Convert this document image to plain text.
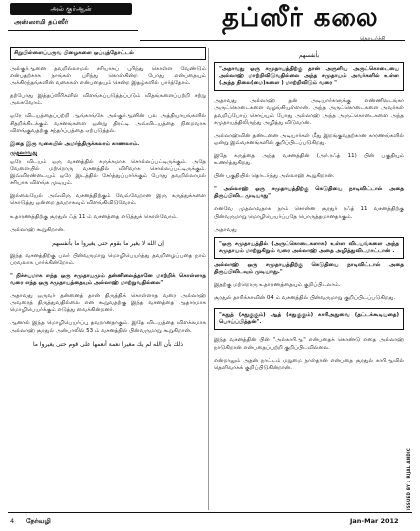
அல் குர்ஆன்
அஸ்ஸாமி தப்ஸீர்	தப்ஸீர் கலை
தொடர்ச்சி
சிறுபிள்ளைப்பருவ பிழைகளை ஒப்புத்தோட்டல்

அல்குர்ஆனை தவறில்லாமல் சரியாகப் புரிந்து கொள்ள வேண்டும் என்பதற்காக நாங்கள் புரிந்து கொள்கின்ற போது என்பதையும் அக்கிரந்தங்களின் வகைகள் என்பதையும் சென்ற இதழ்களில் பார்த்தோம்.

தற்போது இத்தப்ஸீரிகளில் விளங்கப்படுத்தப்படும் விதங்களைப்பற்றி சற்று அலசுவோம்.

ஒரே விடயத்தைப்பற்றி ஆங்காங்கே அல்குர்ஆனின் பல அத்தியாயங்களில் சிதறிக்கிடக்கும் வசனங்களை ஒன்று திரட்டி அவ்விடயத்தை நிறைவாக விளங்குவதற்கு சந்தர்ப்பத்தை ஏற்படுத்தல்.

இதை இரு வகையில் அமர்ந்திருக்கலாம் காணலாம்.
முதலாவது

ஒரே விடயம் ஒரு வசனத்தில் சுருக்கமாக சொல்லப்பட்டிருக்கும். அதே வேளையில் மற்றொரு வசனத்தில் விரிவாக சொல்லப்பட்டிருக்கும். இவ்விரண்டையும் ஒரே இடத்தில் சேர்த்துப்பார்க்கும் போது தவறில்லாமல் சரியாக விளங்க முடியும்.

இல்லையேல் அவ்விரு வசனத்திற்கும் வேவ்வேறான இரு கருத்துக்களை கொடுத்து ஒன்றை தவறாகவும் விளங்கிவிடுவோம்.

உதாரணத்திற்கு சூரதுல் ஃத் 11 ம் வசனத்தை எடுத்துக் கொள்வோம்.

அல்லாஹ் கூறுகிறான்.

إن الله لا يغير ما بقوم حتى يغيروا ما بأنفسهم

இந்த வசனத்திற்கு பலர் பின்வருமாறு மொழிபெயர்த்து தவறிழைப்பதை நாம் பரவலாக பார்க்கின்றோம்.

" நிச்சயமாக எந்த ஒரு சமுதாயமும் தன்னிலைத்தானே மாற்றிக் கொள்ளாத வரை எந்த ஒரு சமுதாயத்தையும் அல்லாஹ் மாற்றுவதில்லை"

அதாவது ஒருவர் தன்னைத் தான் திருத்திக் கொள்ளாத வரை அல்லாஹ் அவரைத் திருத்துவதில்லை என கூறுவதற்கு இந்த வசனத்தை ஆதாரமாக மொழிபெயர்க்கும் எடுத்து வைக்கின்றனர்.

ஆனால் இந்த மொழிபெயர்ப்பு தவறானதாகும். இதே விடயத்தை விளக்கமாக அல்லாஹ் சூரதுல் அன்பாலில் 53 ம் வசனத்தில் பின்வருமாறு கூறுகிறான்.

ذلك بأن الله لم يك مغيرا نعمة أنعمها على قوم حتى يغيروا ما
بأنفسهم
"அதாவது ஒரு சமுதாயத்திற்கு தான் அருளிய அருட்கொடையை அல்லாஹ் மாற்றிவிடுவதில்லை அந்த சமுதாயம் அவர்களில் உள்ள (அந்த நிலை(மை)களை ) மாற்றிவிடும் வரை "

அதாவது அல்லாஹ் தன் அடியார்களுக்கு எண்ணிலடங்கா அருட்கொடைகளை வழங்கியுள்ளான். அந்த அருட்கொடைகளை அவர்கள் தவறிப்போய் சொய்யும் போது அல்லாஹ் அந்த அருட்கொடைகளை அந்த சமுதாயத்திலிருந்து அழித்து விடுவான்.

அல்லாஹ்வின் தண்டனை அடியார்கள் மீது இறங்குவதற்கான காரணங்களில் ஒன்று இவ்வசனங்களில் குறிப்பிடப்படுகிறது.

இதே கருத்தை அந்த வசனத்தின் (அர்.ரஃத் 11) பின் பகுதியும் உணர்த்துகிறது.

பின் பகுதியில் தொடர்ந்து அல்லாஹ் கூறுகிறான்.

" அல்லாஹ் ஒரு சமுதாயத்திற்கு கெடுதியை நாடிவிட்டால் அதை திருப்பிவிட முடியாது"

எனவே முதலாவதாக நாம் சொன்ன சூரதுர் ரஃத் 11 வசனத்திற்கு பின்வருமாறு மொழிபெயர்ப்பதே பொருத்தமானதாகும்.

அதாவது

"ஒரு சமுதாயத்தில் (அருட்கொடைகளாக) உள்ள விடயங்களை அந்த சமுதாயம் மாற்றுகிறும் வரை அல்லாஹ் அதை அழித்துவிடமாட்டான் .

அல்லாஹ் ஒரு சமுதாயத்திற்கு கெடுதியை நாடிவிட்டால் அதை திருப்பிவிடவும் முடியாது."

இதற்கு மற்றொரு உதாரணத்தையும் குறிப்பிடலாம்.

சூரதுல் தாரிக்காவின் 04 ம் வசனத்தில் பின்வருமாறு குறிப்பிடப்படுகிறது.

"கதுத் (சதுகுகும்) ஆத் (சதுகுகும்) காரிஅதுவை (தட்டக்கூடியதை) பொய்ப்பித்தன்".

இந்த வசனத்தின் பின் "அல்காரிஆ" என்பதைக் கொண்டு எதை அல்லாஹ் நாடுகிறான் என்பதைப்பற்றி குறிப்பிடவில்லை.

என்றாலும் அதன் நாட்டம் மறுமை நாள்தான் என்பதை சூரதுல் காரிஆவில் தெளிவாகக் குறிப்பிடுகின்றான்.

ISSUED BY : RIJAL ANDIC
4 நேர்வழி	Jan-Mar 2012
